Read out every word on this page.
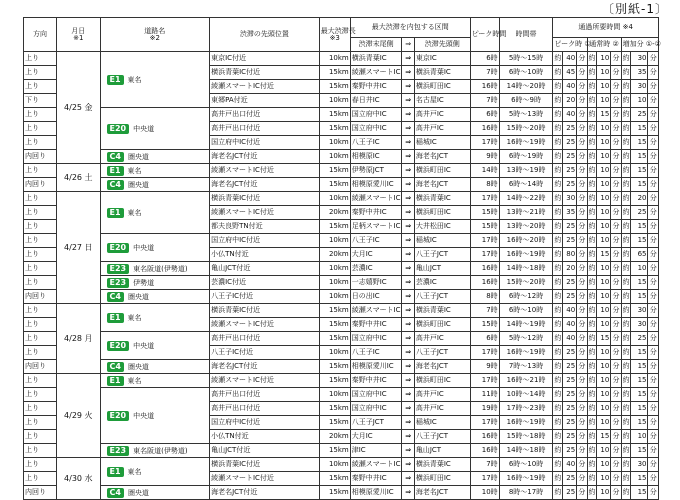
〔別紙-1〕
方向	月日
※1	道路名
※2	渋滞の先頭位置	最大渋滞長
※3	最大渋滞を内包する区間			ピーク時間	時間帯	通過所要時間 ※4								
					渋滞末尾側	⇒	渋滞先頭側			ピーク時 ①			通常時 ②			増加分 ①-②		
上り	4/25 金	E1 東名	東京IC付近	10km	横浜青葉IC	⇒	東京IC	6時	5時～15時	約	40	分	約	10	分	約	30	分
上り			横浜青葉IC付近	15km	綾瀬スマートIC	⇒	横浜青葉IC	7時	6時～10時	約	45	分	約	10	分	約	35	分
上り			綾瀬スマートIC付近	15km	秦野中井IC	⇒	横浜町田IC	16時	14時～20時	約	40	分	約	10	分	約	30	分
下り			東郷PA付近	10km	春日井IC	⇒	名古屋IC	7時	6時～9時	約	20	分	約	10	分	約	10	分
上り		E20 中央道	高井戸出口付近	15km	国立府中IC	⇒	高井戸IC	6時	5時～13時	約	40	分	約	15	分	約	25	分
上り			高井戸出口付近	15km	国立府中IC	⇒	高井戸IC	16時	15時～20時	約	25	分	約	10	分	約	15	分
上り			国立府中IC付近	10km	八王子IC	⇒	稲城IC	17時	16時～19時	約	25	分	約	10	分	約	15	分
内回り		C4 圏央道	海老名JCT付近	10km	相模原IC	⇒	海老名JCT	9時	6時～19時	約	25	分	約	10	分	約	15	分
上り	4/26 土	E1 東名	綾瀬スマートIC付近	15km	伊勢原JCT	⇒	横浜町田IC	14時	13時～19時	約	25	分	約	10	分	約	15	分
内回り		C4 圏央道	海老名JCT付近	15km	相模原愛川IC	⇒	海老名JCT	8時	6時～14時	約	25	分	約	10	分	約	15	分
上り	4/27 日	E1 東名	横浜青葉IC付近	10km	綾瀬スマートIC	⇒	横浜青葉IC	17時	14時～22時	約	30	分	約	10	分	約	20	分
上り			綾瀬スマートIC付近	20km	秦野中井IC	⇒	横浜町田IC	15時	13時～21時	約	35	分	約	10	分	約	25	分
上り			都夫良野TN付近	15km	足柄スマートIC	⇒	大井松田IC	15時	13時～20時	約	25	分	約	10	分	約	15	分
上り		E20 中央道	国立府中IC付近	10km	八王子IC	⇒	稲城IC	17時	16時～20時	約	25	分	約	10	分	約	15	分
上り			小仏TN付近	20km	大月IC	⇒	八王子JCT	17時	16時～19時	約	80	分	約	15	分	約	65	分
上り		E23 東名阪道(伊勢道)	亀山JCT付近	10km	芸濃IC	⇒	亀山JCT	16時	14時～18時	約	20	分	約	10	分	約	10	分
上り		E23 伊勢道	芸濃IC付近	10km	一志嬉野IC	⇒	芸濃IC	16時	15時～20時	約	25	分	約	10	分	約	15	分
内回り		C4 圏央道	八王子IC付近	10km	日の出IC	⇒	八王子JCT	8時	6時～12時	約	25	分	約	10	分	約	15	分
上り	4/28 月	E1 東名	横浜青葉IC付近	15km	綾瀬スマートIC	⇒	横浜青葉IC	7時	6時～10時	約	40	分	約	10	分	約	30	分
上り			綾瀬スマートIC付近	15km	秦野中井IC	⇒	横浜町田IC	15時	14時～19時	約	40	分	約	10	分	約	30	分
上り		E20 中央道	高井戸出口付近	15km	国立府中IC	⇒	高井戸IC	6時	5時～12時	約	40	分	約	15	分	約	25	分
上り			八王子IC付近	10km	八王子IC	⇒	八王子JCT	17時	16時～19時	約	25	分	約	10	分	約	15	分
内回り		C4 圏央道	海老名JCT付近	15km	相模原愛川IC	⇒	海老名JCT	9時	7時～13時	約	25	分	約	10	分	約	15	分
上り	4/29 火	E1 東名	綾瀬スマートIC付近	15km	秦野中井IC	⇒	横浜町田IC	17時	16時～21時	約	25	分	約	10	分	約	15	分
上り		E20 中央道	高井戸出口付近	10km	国立府中IC	⇒	高井戸IC	11時	10時～14時	約	25	分	約	10	分	約	15	分
上り			高井戸出口付近	15km	国立府中IC	⇒	高井戸IC	19時	17時～23時	約	25	分	約	10	分	約	15	分
上り			国立府中IC付近	15km	八王子JCT	⇒	稲城IC	17時	16時～19時	約	25	分	約	10	分	約	15	分
上り			小仏TN付近	20km	大月IC	⇒	八王子JCT	16時	15時～18時	約	25	分	約	15	分	約	10	分
上り		E23 東名阪道(伊勢道)	亀山JCT付近	15km	津IC	⇒	亀山JCT	16時	14時～18時	約	25	分	約	10	分	約	15	分
上り	4/30 水	E1 東名	横浜青葉IC付近	10km	綾瀬スマートIC	⇒	横浜青葉IC	7時	6時～10時	約	40	分	約	10	分	約	30	分
上り			綾瀬スマートIC付近	15km	秦野中井IC	⇒	横浜町田IC	17時	16時～19時	約	25	分	約	10	分	約	15	分
内回り		C4 圏央道	海老名JCT付近	15km	相模原愛川IC	⇒	海老名JCT	10時	8時～17時	約	25	分	約	10	分	約	15	分
